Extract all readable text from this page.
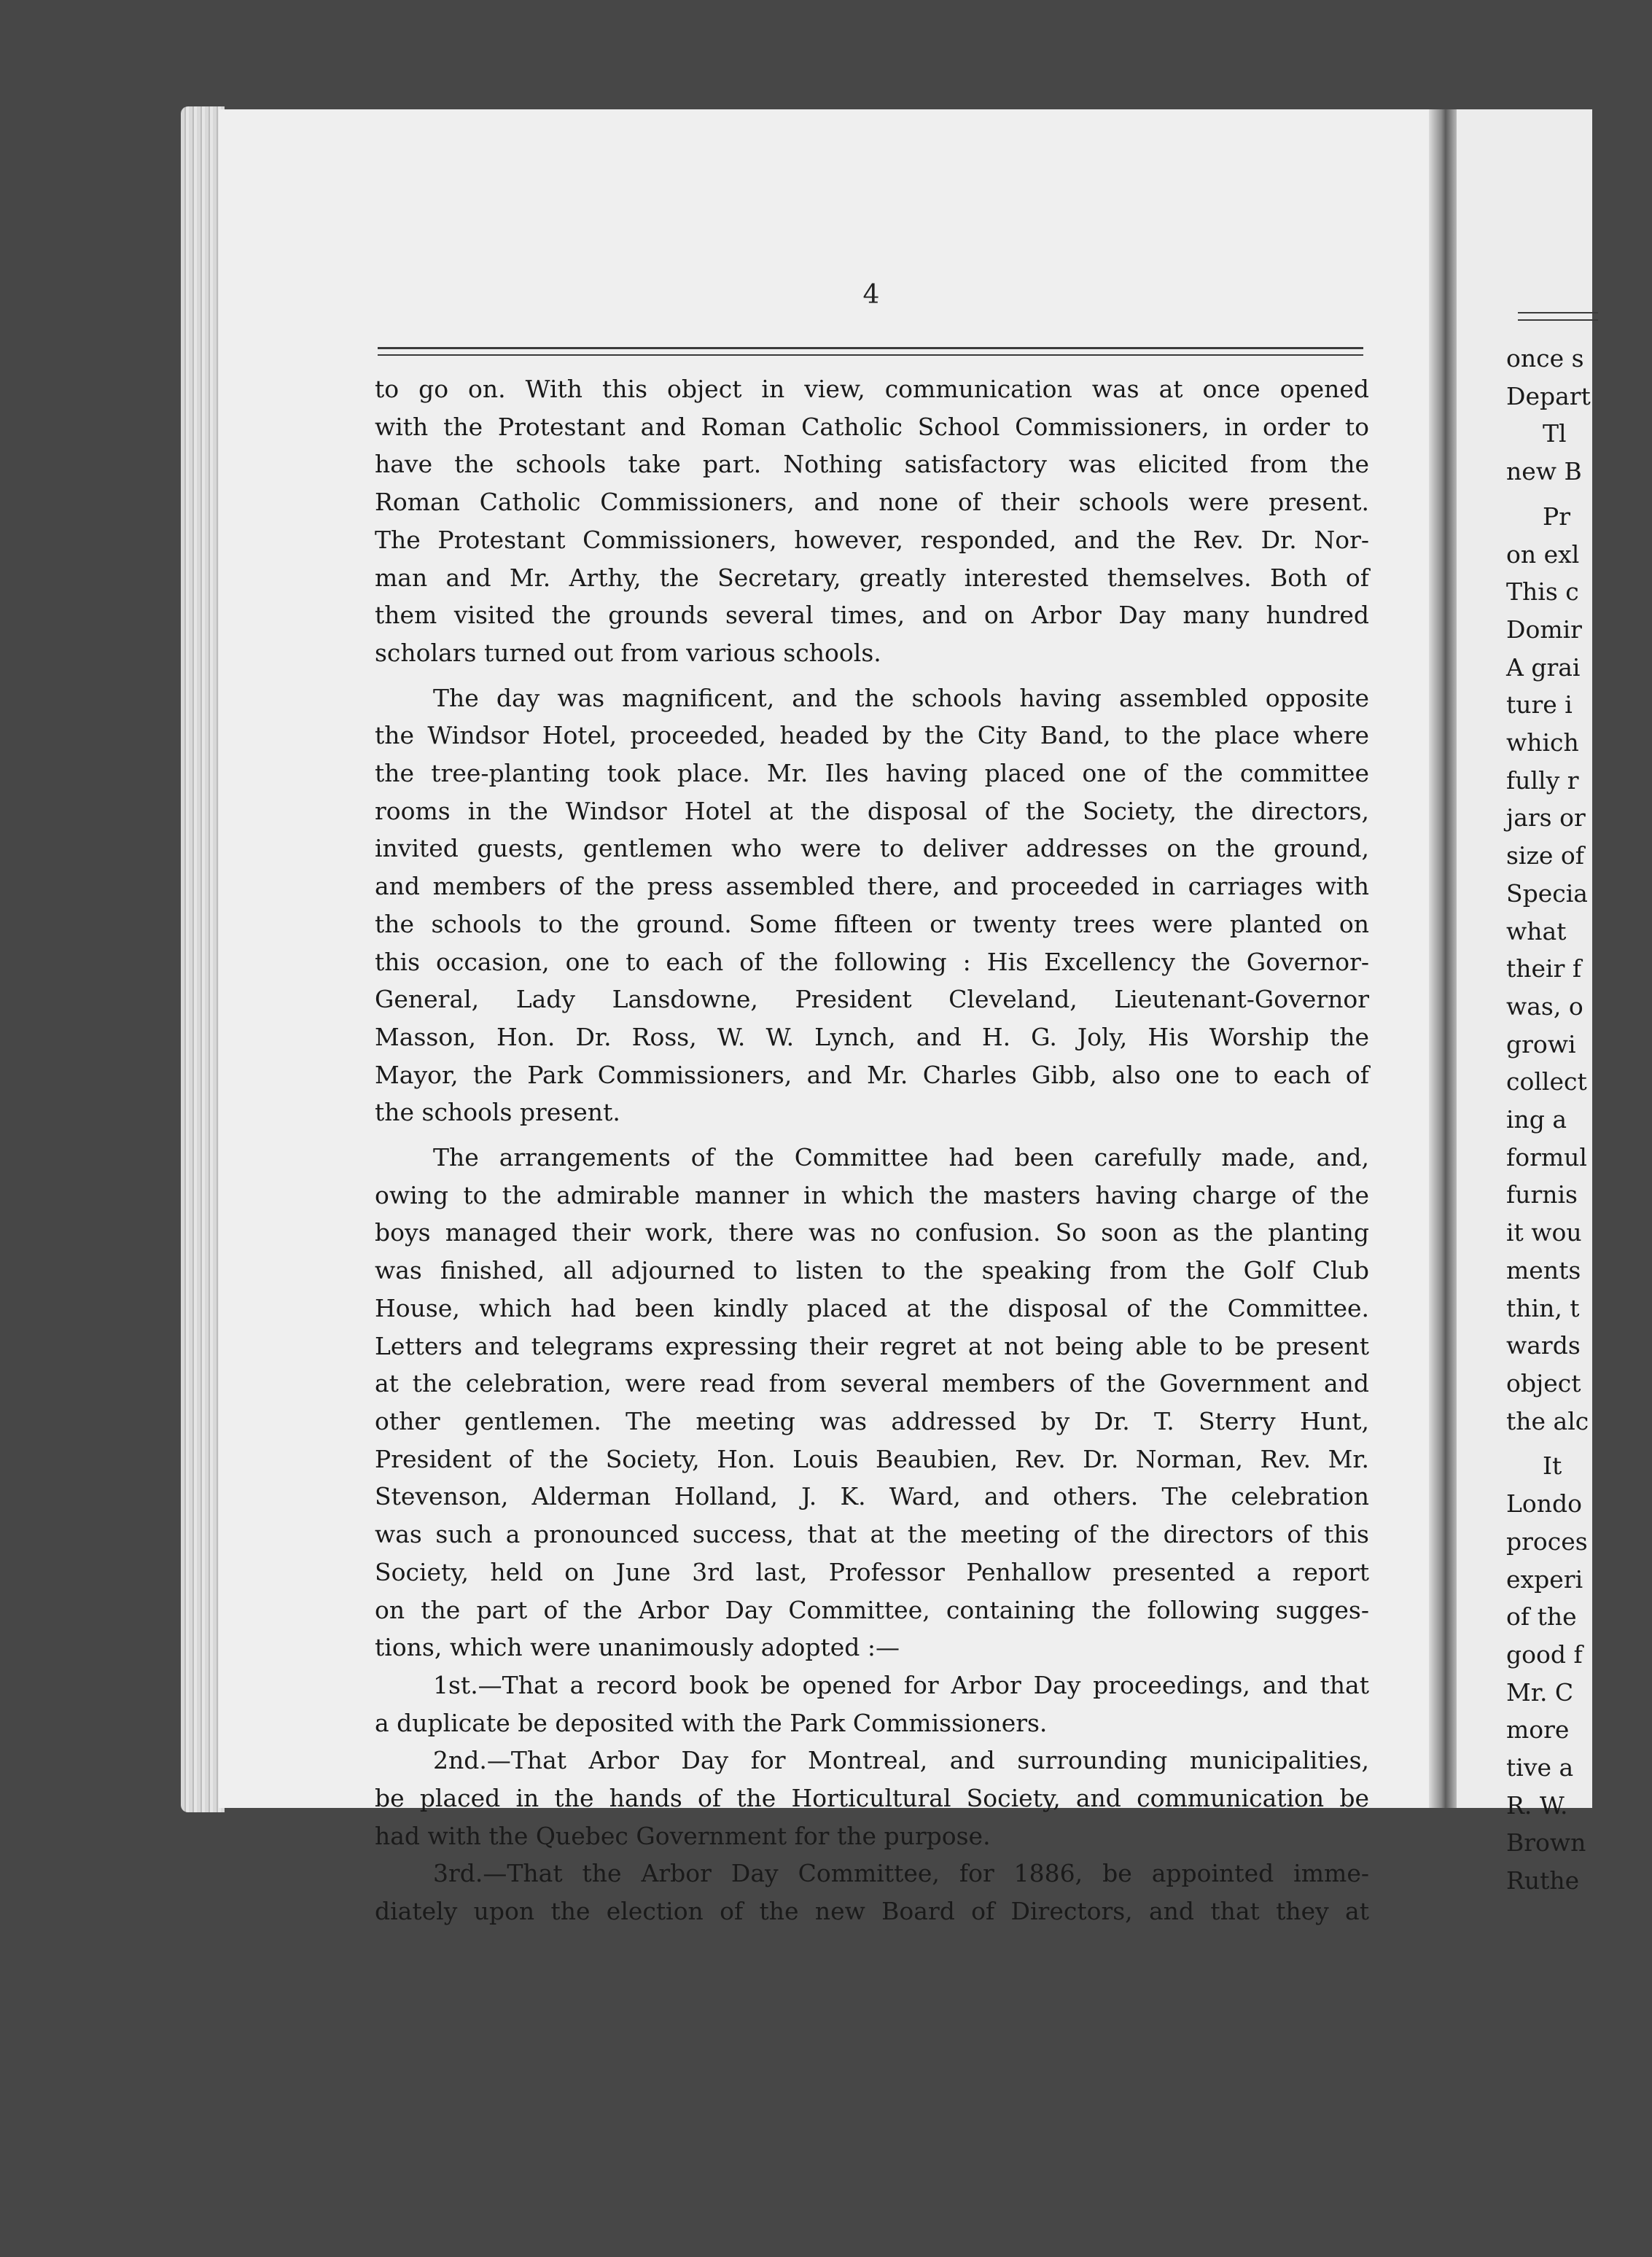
once s
Depart
Tl
new B
Pr
on exl
This c
Domir
A grai
ture i
which
fully r
jars or
size of
Specia
what
their f
was, o
growi
collect
ing a
formul
furnis
it wou
ments
thin, t
wards
object
the alc
It
Londo
proces
experi
of the
good f
Mr. C
more
tive a
R. W.
Brown
Ruthe
4

to go on. With this object in view, communication was at once opened

with the Protestant and Roman Catholic School Commissioners, in order to

have the schools take part. Nothing satisfactory was elicited from the

Roman Catholic Commissioners, and none of their schools were present.

The Protestant Commissioners, however, responded, and the Rev. Dr. Nor-

man and Mr. Arthy, the Secretary, greatly interested themselves. Both of

them visited the grounds several times, and on Arbor Day many hundred

scholars turned out from various schools.

The day was magnificent, and the schools having assembled opposite

the Windsor Hotel, proceeded, headed by the City Band, to the place where

the tree-planting took place. Mr. Iles having placed one of the committee

rooms in the Windsor Hotel at the disposal of the Society, the directors,

invited guests, gentlemen who were to deliver addresses on the ground,

and members of the press assembled there, and proceeded in carriages with

the schools to the ground. Some fifteen or twenty trees were planted on

this occasion, one to each of the following : His Excellency the Governor-

General, Lady Lansdowne, President Cleveland, Lieutenant-Governor

Masson, Hon. Dr. Ross, W. W. Lynch, and H. G. Joly, His Worship the

Mayor, the Park Commissioners, and Mr. Charles Gibb, also one to each of

the schools present.

The arrangements of the Committee had been carefully made, and,

owing to the admirable manner in which the masters having charge of the

boys managed their work, there was no confusion. So soon as the planting

was finished, all adjourned to listen to the speaking from the Golf Club

House, which had been kindly placed at the disposal of the Committee.

Letters and telegrams expressing their regret at not being able to be present

at the celebration, were read from several members of the Government and

other gentlemen. The meeting was addressed by Dr. T. Sterry Hunt,

President of the Society, Hon. Louis Beaubien, Rev. Dr. Norman, Rev. Mr.

Stevenson, Alderman Holland, J. K. Ward, and others. The celebration

was such a pronounced success, that at the meeting of the directors of this

Society, held on June 3rd last, Professor Penhallow presented a report

on the part of the Arbor Day Committee, containing the following sugges-

tions, which were unanimously adopted :—

1st.—That a record book be opened for Arbor Day proceedings, and that

a duplicate be deposited with the Park Commissioners.

2nd.—That Arbor Day for Montreal, and surrounding municipalities,

be placed in the hands of the Horticultural Society, and communication be

had with the Quebec Government for the purpose.

3rd.—That the Arbor Day Committee, for 1886, be appointed imme-

diately upon the election of the new Board of Directors, and that they at
